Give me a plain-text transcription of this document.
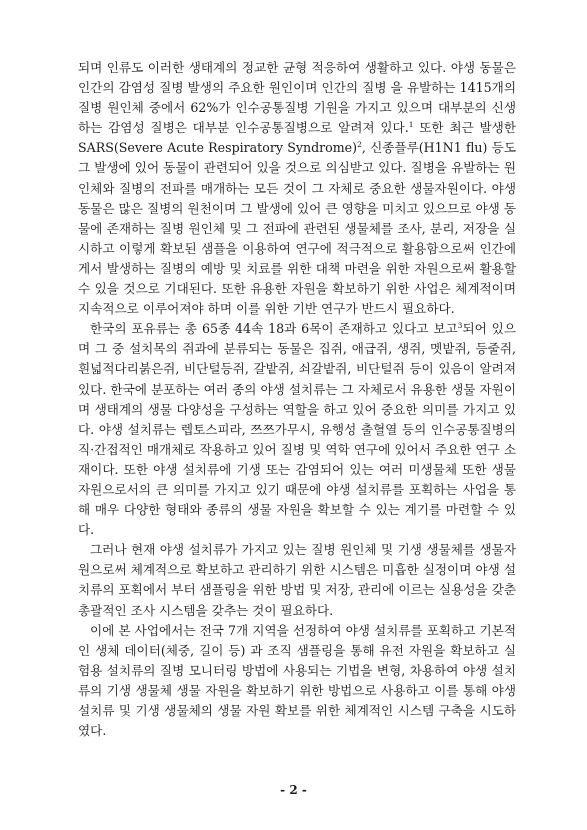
되며 인류도 이러한 생태계의 정교한 균형 적응하여 생활하고 있다. 야생 동물은 인간의 감염성 질병 발생의 주요한 원인이며 인간의 질병 을 유발하는 1415개의 질병 원인체 중에서 62%가 인수공통질병 기원을 가지고 있으며 대부분의 신생하는 감염성 질병은 대부분 인수공통질병으로 알려져 있다.$^1$ 또한 최근 발생한 SARS(Severe Acute Respiratory Syndrome)$^2$, 신종플루(H1N1 flu) 등도 그 발생에 있어 동물이 관련되어 있을 것으로 의심받고 있다. 질병을 유발하는 원인체와 질병의 전파를 매개하는 모든 것이 그 자체로 중요한 생물자원이다. 야생동물은 많은 질병의 원천이며 그 발생에 있어 큰 영향을 미치고 있으므로 야생 동물에 존재하는 질병 원인체 및 그 전파에 관련된 생물체를 조사, 분리, 저장을 실시하고 이렇게 확보된 샘플을 이용하여 연구에 적극적으로 활용함으로써 인간에게서 발생하는 질병의 예방 및 치료를 위한 대책 마련을 위한 자원으로써 활용할 수 있을 것으로 기대된다. 또한 유용한 자원을 확보하기 위한 사업은 체계적이며 지속적으로 이루어져야 하며 이를 위한 기반 연구가 반드시 필요하다.

한국의 포유류는 총 65종 44속 18과 6목이 존재하고 있다고 보고$^3$되어 있으며 그 중 설치목의 쥐과에 분류되는 동물은 집쥐, 애급쥐, 생쥐, 멧밭쥐, 등줄쥐, 흰넓적다리붉은쥐, 비단털등쥐, 갈밭쥐, 쇠갈밭쥐, 비단털쥐 등이 있음이 알려져 있다. 한국에 분포하는 여러 종의 야생 설치류는 그 자체로서 유용한 생물 자원이며 생태계의 생물 다양성을 구성하는 역할을 하고 있어 중요한 의미를 가지고 있다. 야생 설치류는 렙토스피라, 쯔쯔가무시, 유행성 출혈열 등의 인수공통질병의 직·간접적인 매개체로 작용하고 있어 질병 및 역학 연구에 있어서 주요한 연구 소재이다. 또한 야생 설치류에 기생 또는 감염되어 있는 여러 미생물체 또한 생물 자원으로서의 큰 의미를 가지고 있기 때문에 야생 설치류를 포획하는 사업을 통해 매우 다양한 형태와 종류의 생물 자원을 확보할 수 있는 계기를 마련할 수 있다.

그러나 현재 야생 설치류가 가지고 있는 질병 원인체 및 기생 생물체를 생물자원으로써 체계적으로 확보하고 관리하기 위한 시스템은 미흡한 실정이며 야생 설치류의 포획에서 부터 샘플링을 위한 방법 및 저장, 관리에 이르는 실용성을 갖춘 총괄적인 조사 시스템을 갖추는 것이 필요하다.

이에 본 사업에서는 전국 7개 지역을 선정하여 야생 설치류를 포획하고 기본적인 생체 데이터(체중, 길이 등) 과 조직 샘플링을 통해 유전 자원을 확보하고 실험용 설치류의 질병 모니터링 방법에 사용되는 기법을 변형, 차용하여 야생 설치류의 기생 생물체 생물 자원을 확보하기 위한 방법으로 사용하고 이를 통해 야생 설치류 및 기생 생물체의 생물 자원 확보를 위한 체계적인 시스템 구축을 시도하였다.

- 2 -
